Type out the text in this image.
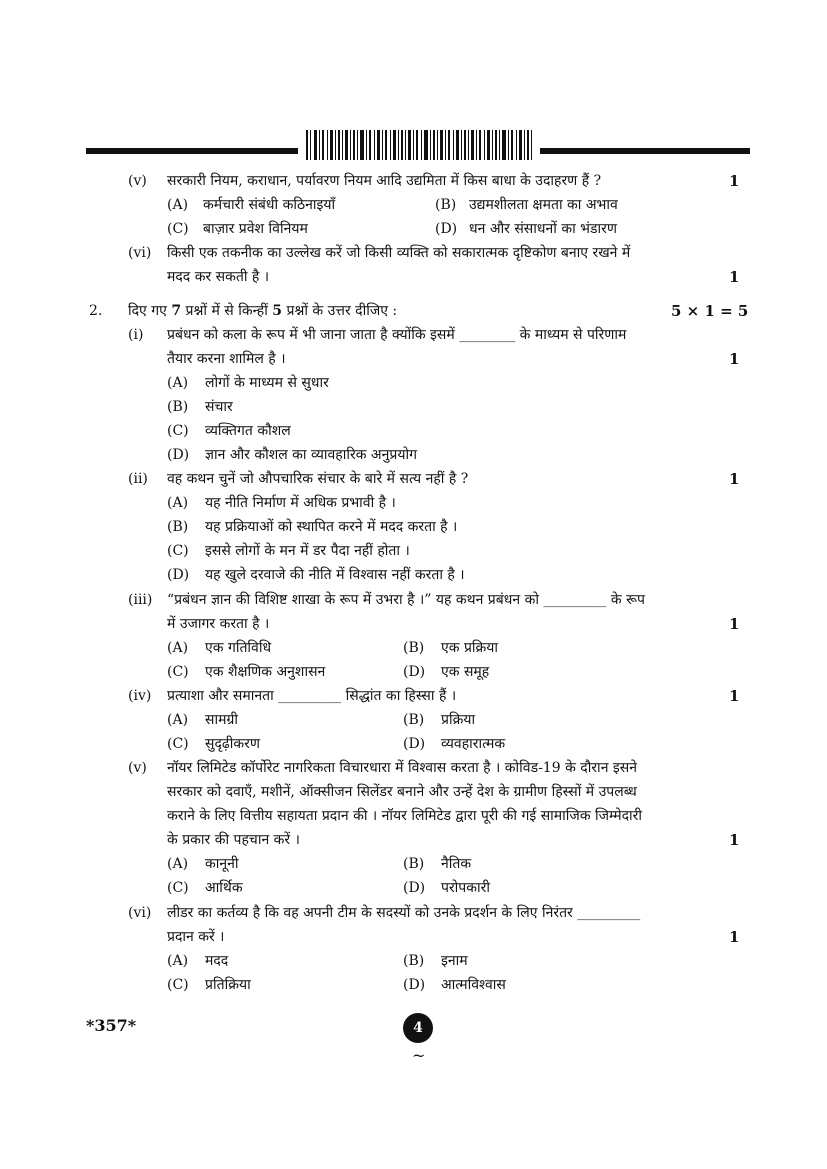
(v) सरकारी नियम, कराधान, पर्यावरण नियम आदि उद्यमिता में किस बाधा के उदाहरण हैं ?	1
(A) कर्मचारी संबंधी कठिनाइयाँ	(B) उद्यमशीलता क्षमता का अभाव
(C) बाज़ार प्रवेश विनियम	(D) धन और संसाधनों का भंडारण
(vi) किसी एक तकनीक का उल्लेख करें जो किसी व्यक्ति को सकारात्मक दृष्टिकोण बनाए रखने में
मदद कर सकती है ।	1
2. दिए गए 7 प्रश्नों में से किन्हीं 5 प्रश्नों के उत्तर दीजिए :	5 × 1 = 5
(i) प्रबंधन को कला के रूप में भी जाना जाता है क्योंकि इसमें ________ के माध्यम से परिणाम
तैयार करना शामिल है ।	1
(A) लोगों के माध्यम से सुधार
(B) संचार
(C) व्यक्तिगत कौशल
(D) ज्ञान और कौशल का व्यावहारिक अनुप्रयोग
(ii) वह कथन चुनें जो औपचारिक संचार के बारे में सत्य नहीं है ?	1
(A) यह नीति निर्माण में अधिक प्रभावी है ।
(B) यह प्रक्रियाओं को स्थापित करने में मदद करता है ।
(C) इससे लोगों के मन में डर पैदा नहीं होता ।
(D) यह खुले दरवाजे की नीति में विश्वास नहीं करता है ।
(iii) “प्रबंधन ज्ञान की विशिष्ट शाखा के रूप में उभरा है ।” यह कथन प्रबंधन को _________ के रूप
में उजागर करता है ।	1
(A) एक गतिविधि	(B) एक प्रक्रिया
(C) एक शैक्षणिक अनुशासन	(D) एक समूह
(iv) प्रत्याशा और समानता _________ सिद्धांत का हिस्सा हैं ।	1
(A) सामग्री	(B) प्रक्रिया
(C) सुदृढ़ीकरण	(D) व्यवहारात्मक
(v) नॉयर लिमिटेड कॉर्पोरेट नागरिकता विचारधारा में विश्वास करता है । कोविड-19 के दौरान इसने
सरकार को दवाएँ, मशीनें, ऑक्सीजन सिलेंडर बनाने और उन्हें देश के ग्रामीण हिस्सों में उपलब्ध
कराने के लिए वित्तीय सहायता प्रदान की । नॉयर लिमिटेड द्वारा पूरी की गई सामाजिक जिम्मेदारी
के प्रकार की पहचान करें ।	1
(A) कानूनी	(B) नैतिक
(C) आर्थिक	(D) परोपकारी
(vi) लीडर का कर्तव्य है कि वह अपनी टीम के सदस्यों को उनके प्रदर्शन के लिए निरंतर _________
प्रदान करें ।	1
(A) मदद	(B) इनाम
(C) प्रतिक्रिया	(D) आत्मविश्वास
*357*	4
~
